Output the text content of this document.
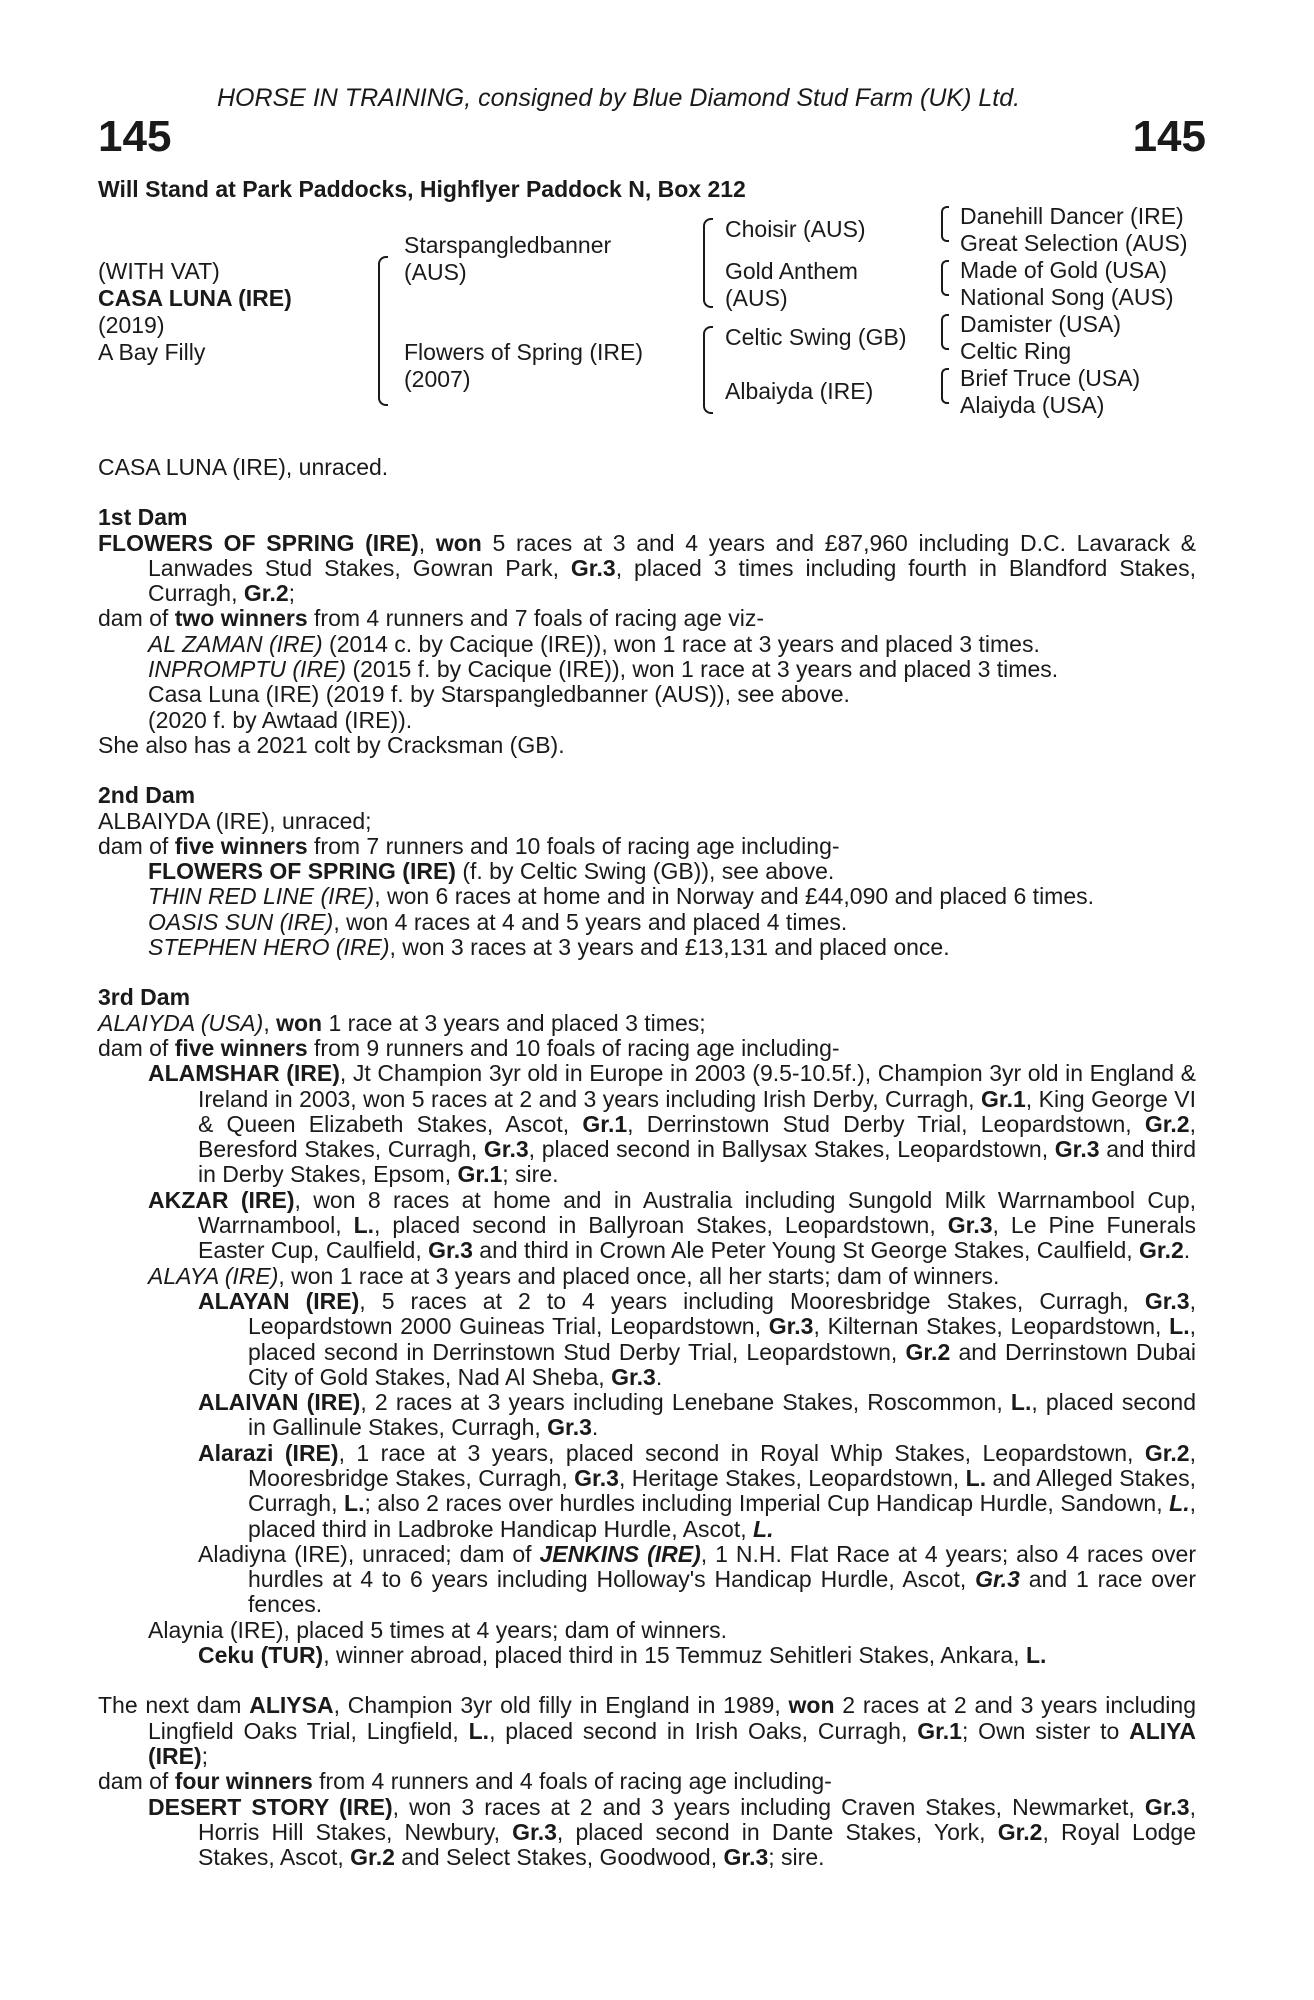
HORSE IN TRAINING, consigned by Blue Diamond Stud Farm (UK) Ltd.
145	145
Will Stand at Park Paddocks, Highflyer Paddock N, Box 212
(WITH VAT)
CASA LUNA (IRE)
(2019)
A Bay Filly
Starspangledbanner
(AUS)
Flowers of Spring (IRE)
(2007)
Choisir (AUS)
Gold Anthem
(AUS)
Celtic Swing (GB)
Albaiyda (IRE)
Danehill Dancer (IRE)
Great Selection (AUS)
Made of Gold (USA)
National Song (AUS)
Damister (USA)
Celtic Ring
Brief Truce (USA)
Alaiyda (USA)

CASA LUNA (IRE), unraced.

1st Dam

FLOWERS OF SPRING (IRE), won 5 races at 3 and 4 years and £87,960 including D.C. Lavarack & Lanwades Stud Stakes, Gowran Park, Gr.3, placed 3 times including fourth in Blandford Stakes, Curragh, Gr.2;

dam of two winners from 4 runners and 7 foals of racing age viz-

AL ZAMAN (IRE) (2014 c. by Cacique (IRE)), won 1 race at 3 years and placed 3 times.

INPROMPTU (IRE) (2015 f. by Cacique (IRE)), won 1 race at 3 years and placed 3 times.

Casa Luna (IRE) (2019 f. by Starspangledbanner (AUS)), see above.

(2020 f. by Awtaad (IRE)).

She also has a 2021 colt by Cracksman (GB).

2nd Dam

ALBAIYDA (IRE), unraced;

dam of five winners from 7 runners and 10 foals of racing age including-

FLOWERS OF SPRING (IRE) (f. by Celtic Swing (GB)), see above.

THIN RED LINE (IRE), won 6 races at home and in Norway and £44,090 and placed 6 times.

OASIS SUN (IRE), won 4 races at 4 and 5 years and placed 4 times.

STEPHEN HERO (IRE), won 3 races at 3 years and £13,131 and placed once.

3rd Dam

ALAIYDA (USA), won 1 race at 3 years and placed 3 times;

dam of five winners from 9 runners and 10 foals of racing age including-

ALAMSHAR (IRE), Jt Champion 3yr old in Europe in 2003 (9.5-10.5f.), Champion 3yr old in England & Ireland in 2003, won 5 races at 2 and 3 years including Irish Derby, Curragh, Gr.1, King George VI & Queen Elizabeth Stakes, Ascot, Gr.1, Derrinstown Stud Derby Trial, Leopardstown, Gr.2, Beresford Stakes, Curragh, Gr.3, placed second in Ballysax Stakes, Leopardstown, Gr.3 and third in Derby Stakes, Epsom, Gr.1; sire.

AKZAR (IRE), won 8 races at home and in Australia including Sungold Milk Warrnambool Cup, Warrnambool, L., placed second in Ballyroan Stakes, Leopardstown, Gr.3, Le Pine Funerals Easter Cup, Caulfield, Gr.3 and third in Crown Ale Peter Young St George Stakes, Caulfield, Gr.2.

ALAYA (IRE), won 1 race at 3 years and placed once, all her starts; dam of winners.

ALAYAN (IRE), 5 races at 2 to 4 years including Mooresbridge Stakes, Curragh, Gr.3, Leopardstown 2000 Guineas Trial, Leopardstown, Gr.3, Kilternan Stakes, Leopardstown, L., placed second in Derrinstown Stud Derby Trial, Leopardstown, Gr.2 and Derrinstown Dubai City of Gold Stakes, Nad Al Sheba, Gr.3.

ALAIVAN (IRE), 2 races at 3 years including Lenebane Stakes, Roscommon, L., placed second in Gallinule Stakes, Curragh, Gr.3.

Alarazi (IRE), 1 race at 3 years, placed second in Royal Whip Stakes, Leopardstown, Gr.2, Mooresbridge Stakes, Curragh, Gr.3, Heritage Stakes, Leopardstown, L. and Alleged Stakes, Curragh, L.; also 2 races over hurdles including Imperial Cup Handicap Hurdle, Sandown, L., placed third in Ladbroke Handicap Hurdle, Ascot, L.

Aladiyna (IRE), unraced; dam of JENKINS (IRE), 1 N.H. Flat Race at 4 years; also 4 races over hurdles at 4 to 6 years including Holloway's Handicap Hurdle, Ascot, Gr.3 and 1 race over fences.

Alaynia (IRE), placed 5 times at 4 years; dam of winners.

Ceku (TUR), winner abroad, placed third in 15 Temmuz Sehitleri Stakes, Ankara, L.

The next dam ALIYSA, Champion 3yr old filly in England in 1989, won 2 races at 2 and 3 years including Lingfield Oaks Trial, Lingfield, L., placed second in Irish Oaks, Curragh, Gr.1; Own sister to ALIYA (IRE);

dam of four winners from 4 runners and 4 foals of racing age including-

DESERT STORY (IRE), won 3 races at 2 and 3 years including Craven Stakes, Newmarket, Gr.3, Horris Hill Stakes, Newbury, Gr.3, placed second in Dante Stakes, York, Gr.2, Royal Lodge Stakes, Ascot, Gr.2 and Select Stakes, Goodwood, Gr.3; sire.
